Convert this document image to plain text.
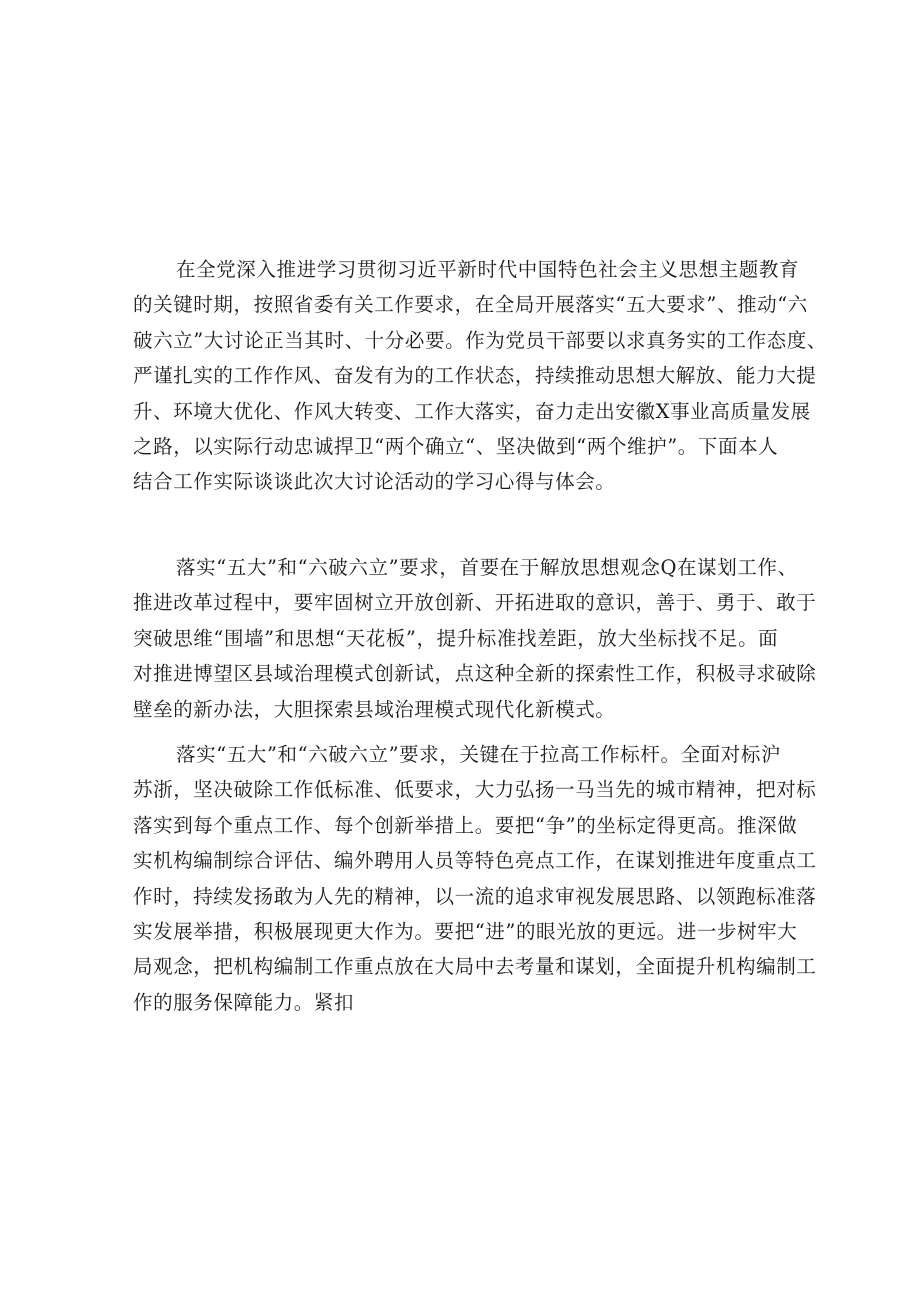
在全党深入推进学习贯彻习近平新时代中国特色社会主义思想主题教育
的关键时期，按照省委有关工作要求，在全局开展落实“五大要求”、推动“六
破六立”大讨论正当其时、十分必要。作为党员干部要以求真务实的工作态度、
严谨扎实的工作作风、奋发有为的工作状态，持续推动思想大解放、能力大提
升、环境大优化、作风大转变、工作大落实，奋力走出安徽X事业高质量发展
之路，以实际行动忠诚捍卫“两个确立“、坚决做到“两个维护”。下面本人
结合工作实际谈谈此次大讨论活动的学习心得与体会。
落实“五大”和“六破六立”要求，首要在于解放思想观念Q在谋划工作、
推进改革过程中，要牢固树立开放创新、开拓进取的意识，善于、勇于、敢于
突破思维“围墙”和思想“天花板”，提升标准找差距，放大坐标找不足。面
对推进博望区县域治理模式创新试，点这种全新的探索性工作，积极寻求破除
壁垒的新办法，大胆探索县域治理模式现代化新模式。
落实“五大”和“六破六立”要求，关键在于拉高工作标杆。全面对标沪
苏浙，坚决破除工作低标准、低要求，大力弘扬一马当先的城市精神，把对标
落实到每个重点工作、每个创新举措上。要把“争”的坐标定得更高。推深做
实机构编制综合评估、编外聘用人员等特色亮点工作，在谋划推进年度重点工
作时，持续发扬敢为人先的精神，以一流的追求审视发展思路、以领跑标准落
实发展举措，积极展现更大作为。要把“进”的眼光放的更远。进一步树牢大
局观念，把机构编制工作重点放在大局中去考量和谋划，全面提升机构编制工
作的服务保障能力。紧扣
